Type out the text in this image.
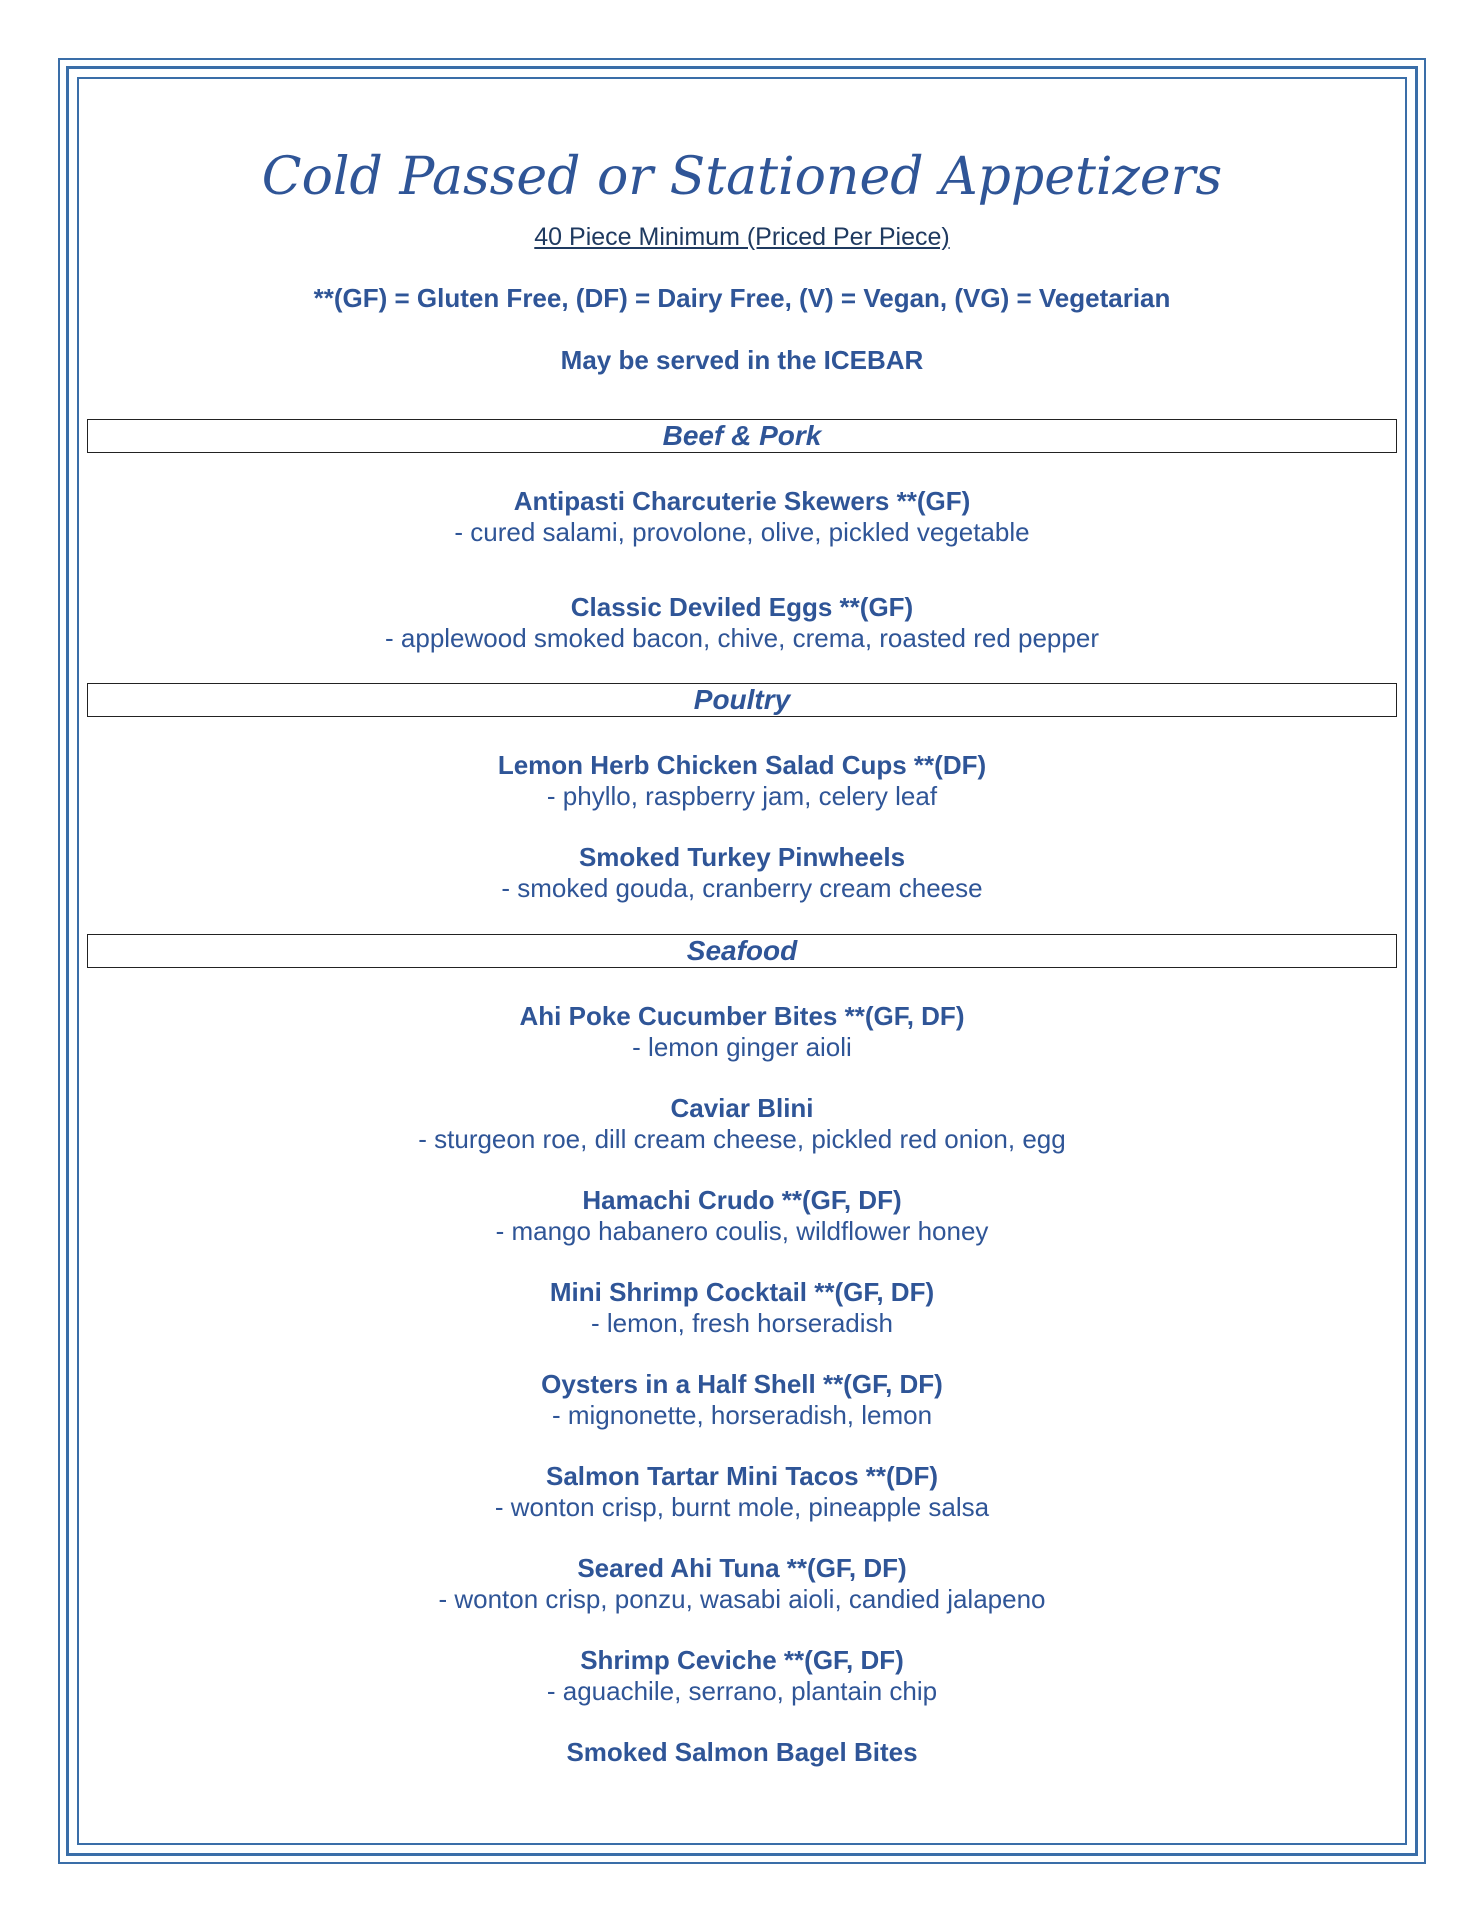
Cold Passed or Stationed Appetizers
40 Piece Minimum (Priced Per Piece)
**(GF) = Gluten Free, (DF) = Dairy Free, (V) = Vegan, (VG) = Vegetarian
May be served in the ICEBAR
Beef & Pork
Antipasti Charcuterie Skewers **(GF)
- cured salami, provolone, olive, pickled vegetable
Classic Deviled Eggs **(GF)
- applewood smoked bacon, chive, crema, roasted red pepper
Poultry
Lemon Herb Chicken Salad Cups **(DF)
- phyllo, raspberry jam, celery leaf
Smoked Turkey Pinwheels
- smoked gouda, cranberry cream cheese
Seafood
Ahi Poke Cucumber Bites **(GF, DF)
- lemon ginger aioli
Caviar Blini
- sturgeon roe, dill cream cheese, pickled red onion, egg
Hamachi Crudo **(GF, DF)
- mango habanero coulis, wildflower honey
Mini Shrimp Cocktail **(GF, DF)
- lemon, fresh horseradish
Oysters in a Half Shell **(GF, DF)
- mignonette, horseradish, lemon
Salmon Tartar Mini Tacos **(DF)
- wonton crisp, burnt mole, pineapple salsa
Seared Ahi Tuna **(GF, DF)
- wonton crisp, ponzu, wasabi aioli, candied jalapeno
Shrimp Ceviche **(GF, DF)
- aguachile, serrano, plantain chip
Smoked Salmon Bagel Bites
